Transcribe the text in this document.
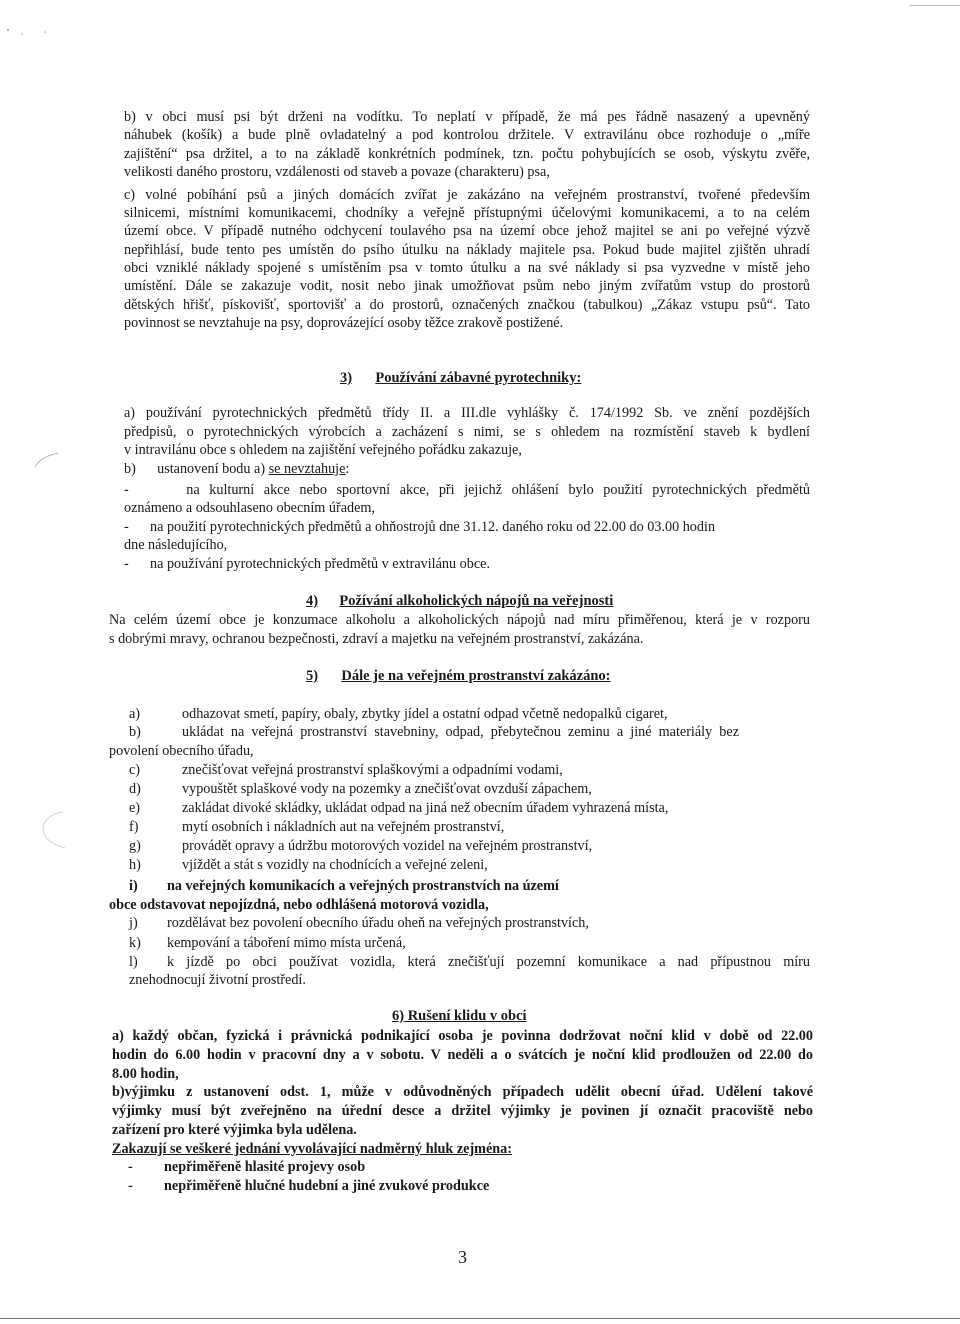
b) v obci musí psi být drženi na vodítku. To neplatí v případě, že má pes řádně nasazený a upevněný
náhubek (košík) a bude plně ovladatelný a pod kontrolou držitele. V extravilánu obce rozhoduje o „míře
zajištění“ psa držitel, a to na základě konkrétních podmínek, tzn. počtu pohybujících se osob, výskytu zvěře,
velikosti daného prostoru, vzdálenosti od staveb a povaze (charakteru) psa,
c) volné pobíhání psů a jiných domácích zvířat je zakázáno na veřejném prostranství, tvořené především
silnicemi, místními komunikacemi, chodníky a veřejně přístupnými účelovými komunikacemi, a to na celém
území obce. V případě nutného odchycení toulavého psa na území obce jehož majitel se ani po veřejné výzvě
nepřihlásí, bude tento pes umístěn do psího útulku na náklady majitele psa. Pokud bude majitel zjištěn uhradí
obci vzniklé náklady spojené s umístěním psa v tomto útulku a na své náklady si psa vyzvedne v místě jeho
umístění. Dále se zakazuje vodit, nosit nebo jinak umožňovat psům nebo jiným zvířatům vstup do prostorů
dětských hřišť, pískovišť, sportovišť a do prostorů, označených značkou (tabulkou) „Zákaz vstupu psů“. Tato
povinnost se nevztahuje na psy, doprovázející osoby těžce zrakově postižené.
3) Používání zábavné pyrotechniky:
a) používání pyrotechnických předmětů třídy II. a III.dle vyhlášky č. 174/1992 Sb. ve znění pozdějších
předpisů, o pyrotechnických výrobcích a zacházení s nimi, se s ohledem na rozmístění staveb k bydlení
v intravilánu obce s ohledem na zajištění veřejného pořádku zakazuje,
b)      ustanovení bodu a) se nevztahuje:
-      na kulturní akce nebo sportovní akce, při jejichž ohlášení bylo použití pyrotechnických předmětů
oznámeno a odsouhlaseno obecním úřadem,
-      na použití pyrotechnických předmětů a ohňostrojů dne 31.12. daného roku od 22.00 do 03.00 hodin
dne následujícího,
-      na používání pyrotechnických předmětů v extravilánu obce.
4) Požívání alkoholických nápojů na veřejnosti
Na celém území obce je konzumace alkoholu a alkoholických nápojů nad míru přiměřenou, která je v rozporu
s dobrými mravy, ochranou bezpečnosti, zdraví a majetku na veřejném prostranství, zakázána.
5) Dále je na veřejném prostranství zakázáno:
a)	odhazovat smetí, papíry, obaly, zbytky jídel a ostatní odpad včetně nedopalků cigaret,
b)	ukládat na veřejná prostranství stavebniny, odpad, přebytečnou zeminu a jiné materiály bez
povolení obecního úřadu,
c)	znečišťovat veřejná prostranství splaškovými a odpadními vodami,
d)	vypouštět splaškové vody na pozemky a znečišťovat ovzduší zápachem,
e)	zakládat divoké skládky, ukládat odpad na jiná než obecním úřadem vyhrazená místa,
f)	mytí osobních i nákladních aut na veřejném prostranství,
g)	provádět opravy a údržbu motorových vozidel na veřejném prostranství,
h)	vjíždět a stát s vozidly na chodnících a veřejné zeleni,
i) na veřejných komunikacích a veřejných prostranstvích na území
obce odstavovat nepojízdná, nebo odhlášená motorová vozidla,
j) rozdělávat bez povolení obecního úřadu oheň na veřejných prostranstvích,
k) kempování a táboření mimo místa určená,
l) k jízdě po obci používat vozidla, která znečišťují pozemní komunikace a nad přípustnou míru
znehodnocují životní prostředí.
6) Rušení klidu v obci
a) každý občan, fyzická i právnická podnikající osoba je povinna dodržovat noční klid v době od 22.00
hodin do 6.00 hodin v pracovní dny a v sobotu. V neděli a o svátcích je noční klid prodloužen od 22.00 do
8.00 hodin,
b)výjimku z ustanovení odst. 1, může v odůvodněných případech udělit obecní úřad. Udělení takové
výjimky musí být zveřejněno na úřední desce a držitel výjimky je povinen jí označit pracoviště nebo
zařízení pro které výjimka byla udělena.
Zakazují se veškeré jednání vyvolávající nadměrný hluk zejména:
- nepřiměřeně hlasité projevy osob
- nepřiměřeně hlučné hudební a jiné zvukové produkce
3
